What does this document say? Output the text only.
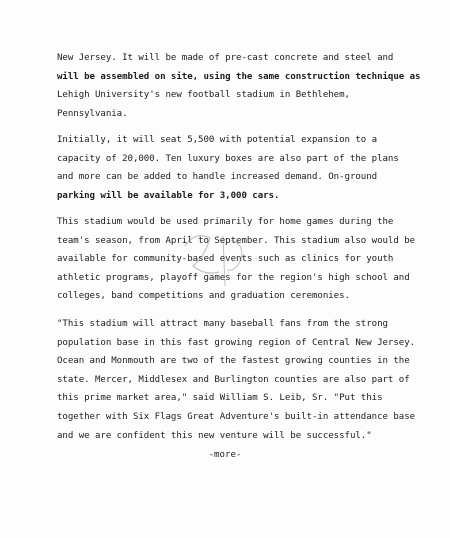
New Jersey. It will be made of pre-cast concrete and steel and
will be assembled on site, using the same construction technique as
Lehigh University's new football stadium in Bethlehem,
Pennsylvania.
Initially, it will seat 5,500 with potential expansion to a
capacity of 20,000. Ten luxury boxes are also part of the plans
and more can be added to handle increased demand. On-ground
parking will be available for 3,000 cars.
This stadium would be used primarily for home games during the
team's season, from April to September. This stadium also would be
available for community-based events such as clinics for youth
athletic programs, playoff games for the region's high school and
colleges, band competitions and graduation ceremonies.
"This stadium will attract many baseball fans from the strong
population base in this fast growing region of Central New Jersey.
Ocean and Monmouth are two of the fastest growing counties in the
state. Mercer, Middlesex and Burlington counties are also part of
this prime market area," said William S. Leib, Sr. "Put this
together with Six Flags Great Adventure's built-in attendance base
and we are confident this new venture will be successful."
-more-
